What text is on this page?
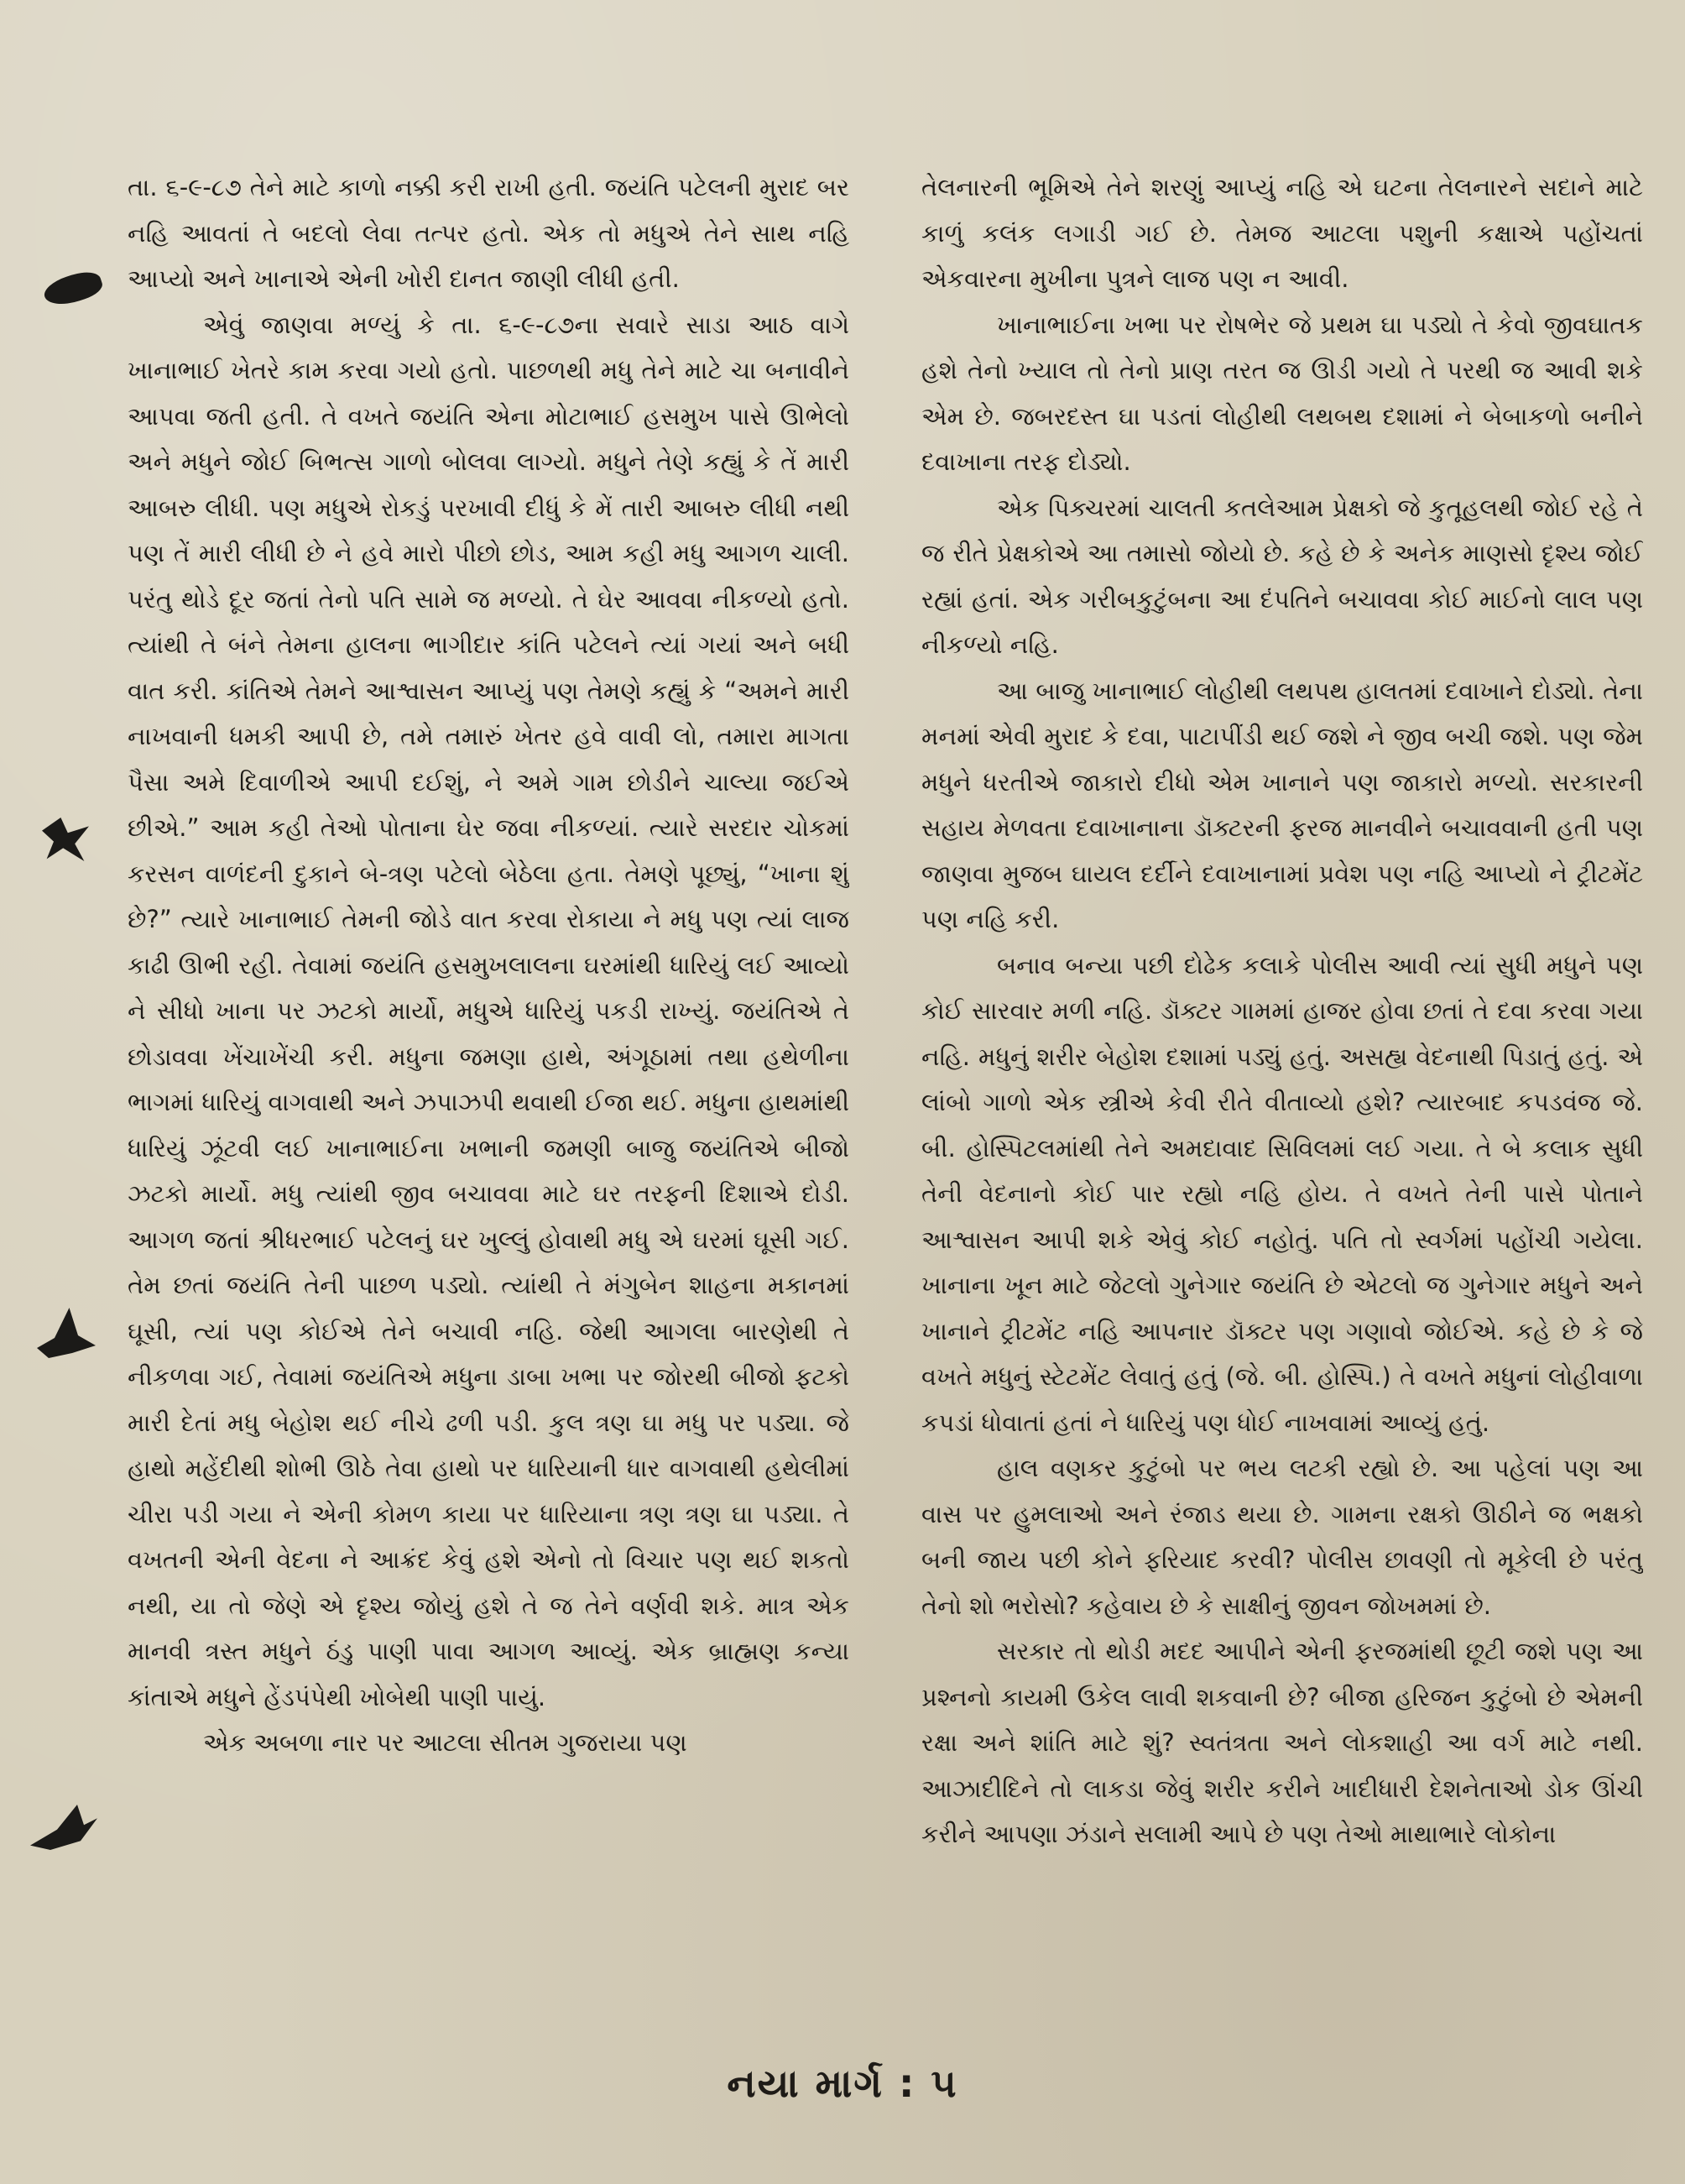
તા. ૬-૯-૮૭ તેને માટે કાળો નક્કી કરી રાખી હતી. જયંતિ પટેલની મુરાદ બર નહિ આવતાં તે બદલો લેવા તત્પર હતો. એક તો મધુએ તેને સાથ નહિ આપ્યો અને ખાનાએ એની ખોરી દાનત જાણી લીધી હતી.

એવું જાણવા મળ્યું કે તા. ૬-૯-૮૭ના સવારે સાડા આઠ વાગે ખાનાભાઈ ખેતરે કામ કરવા ગયો હતો. પાછળથી મધુ તેને માટે ચા બનાવીને આપવા જતી હતી. તે વખતે જયંતિ એના મોટાભાઈ હસમુખ પાસે ઊભેલો અને મધુને જોઈ બિભત્સ ગાળો બોલવા લાગ્યો. મધુને તેણે કહ્યું કે તેં મારી આબરુ લીધી. પણ મધુએ રોકડું પરખાવી દીધું કે મેં તારી આબરુ લીધી નથી પણ તેં મારી લીધી છે ને હવે મારો પીછો છોડ, આમ કહી મધુ આગળ ચાલી. પરંતુ થોડે દૂર જતાં તેનો પતિ સામે જ મળ્યો. તે ઘેર આવવા નીકળ્યો હતો. ત્યાંથી તે બંને તેમના હાલના ભાગીદાર કાંતિ પટેલને ત્યાં ગયાં અને બધી વાત કરી. કાંતિએ તેમને આશ્વાસન આપ્યું પણ તેમણે કહ્યું કે “અમને મારી નાખવાની ધમકી આપી છે, તમે તમારું ખેતર હવે વાવી લો, તમારા માગતા પૈસા અમે દિવાળીએ આપી દઈશું, ને અમે ગામ છોડીને ચાલ્યા જઈએ છીએ.” આમ કહી તેઓ પોતાના ઘેર જવા નીકળ્યાં. ત્યારે સરદાર ચોકમાં કરસન વાળંદની દુકાને બે-ત્રણ પટેલો બેઠેલા હતા. તેમણે પૂછ્યું, “ખાના શું છે?” ત્યારે ખાનાભાઈ તેમની જોડે વાત કરવા રોકાયા ને મધુ પણ ત્યાં લાજ કાઢી ઊભી રહી. તેવામાં જયંતિ હસમુખલાલના ઘરમાંથી ધારિયું લઈ આવ્યો ને સીધો ખાના પર ઝટકો માર્યો, મધુએ ધારિયું પકડી રાખ્યું. જયંતિએ તે છોડાવવા ખેંચાખેંચી કરી. મધુના જમણા હાથે, અંગૂઠામાં તથા હથેળીના ભાગમાં ધારિયું વાગવાથી અને ઝપાઝપી થવાથી ઈજા થઈ. મધુના હાથમાંથી ધારિયું ઝૂંટવી લઈ ખાનાભાઈના ખભાની જમણી બાજુ જયંતિએ બીજો ઝટકો માર્યો. મધુ ત્યાંથી જીવ બચાવવા માટે ઘર તરફની દિશાએ દોડી. આગળ જતાં શ્રીધરભાઈ પટેલનું ઘર ખુલ્લું હોવાથી મધુ એ ઘરમાં ઘૂસી ગઈ. તેમ છતાં જયંતિ તેની પાછળ પડ્યો. ત્યાંથી તે મંગુબેન શાહના મકાનમાં ઘૂસી, ત્યાં પણ કોઈએ તેને બચાવી નહિ. જેથી આગલા બારણેથી તે નીકળવા ગઈ, તેવામાં જયંતિએ મધુના ડાબા ખભા પર જોરથી બીજો ફટકો મારી દેતાં મધુ બેહોશ થઈ નીચે ઢળી પડી. કુલ ત્રણ ઘા મધુ પર પડ્યા. જે હાથો મહેંદીથી શોભી ઊઠે તેવા હાથો પર ધારિયાની ધાર વાગવાથી હથેલીમાં ચીરા પડી ગયા ને એની કોમળ કાયા પર ધારિયાના ત્રણ ત્રણ ઘા પડ્યા. તે વખતની એની વેદના ને આક્રંદ કેવું હશે એનો તો વિચાર પણ થઈ શકતો નથી, યા તો જેણે એ દૃશ્ય જોયું હશે તે જ તેને વર્ણવી શકે. માત્ર એક માનવી ત્રસ્ત મધુને ઠંડુ પાણી પાવા આગળ આવ્યું. એક બ્રાહ્મણ કન્યા કાંતાએ મધુને હેંડપંપેથી ખોબેથી પાણી પાયું.

એક અબળા નાર પર આટલા સીતમ ગુજરાયા પણ

તેલનારની ભૂમિએ તેને શરણું આપ્યું નહિ એ ઘટના તેલનારને સદાને માટે કાળું કલંક લગાડી ગઈ છે. તેમજ આટલા પશુની કક્ષાએ પહોંચતાં એકવારના મુખીના પુત્રને લાજ પણ ન આવી.

ખાનાભાઈના ખભા પર રોષભેર જે પ્રથમ ઘા પડ્યો તે કેવો જીવઘાતક હશે તેનો ખ્યાલ તો તેનો પ્રાણ તરત જ ઊડી ગયો તે પરથી જ આવી શકે એમ છે. જબરદસ્ત ઘા પડતાં લોહીથી લથબથ દશામાં ને બેબાકળો બનીને દવાખાના તરફ દોડ્યો.

એક પિક્ચરમાં ચાલતી કતલેઆમ પ્રેક્ષકો જે કુતૂહલથી જોઈ રહે તે જ રીતે પ્રેક્ષકોએ આ તમાસો જોયો છે. કહે છે કે અનેક માણસો દૃશ્ય જોઈ રહ્યાં હતાં. એક ગરીબકુટુંબના આ દંપતિને બચાવવા કોઈ માઈનો લાલ પણ નીકળ્યો નહિ.

આ બાજુ ખાનાભાઈ લોહીથી લથપથ હાલતમાં દવાખાને દોડ્યો. તેના મનમાં એવી મુરાદ કે દવા, પાટાપીંડી થઈ જશે ને જીવ બચી જશે. પણ જેમ મધુને ધરતીએ જાકારો દીધો એમ ખાનાને પણ જાકારો મળ્યો. સરકારની સહાય મેળવતા દવાખાનાના ડૉક્ટરની ફરજ માનવીને બચાવવાની હતી પણ જાણવા મુજબ ઘાયલ દર્દીને દવાખાનામાં પ્રવેશ પણ નહિ આપ્યો ને ટ્રીટમેંટ પણ નહિ કરી.

બનાવ બન્યા પછી દોઢેક કલાકે પોલીસ આવી ત્યાં સુધી મધુને પણ કોઈ સારવાર મળી નહિ. ડૉક્ટર ગામમાં હાજર હોવા છતાં તે દવા કરવા ગયા નહિ. મધુનું શરીર બેહોશ દશામાં પડ્યું હતું. અસહ્ય વેદનાથી પિડાતું હતું. એ લાંબો ગાળો એક સ્ત્રીએ કેવી રીતે વીતાવ્યો હશે? ત્યારબાદ કપડવંજ જે. બી. હોસ્પિટલમાંથી તેને અમદાવાદ સિવિલમાં લઈ ગયા. તે બે કલાક સુધી તેની વેદનાનો કોઈ પાર રહ્યો નહિ હોય. તે વખતે તેની પાસે પોતાને આશ્વાસન આપી શકે એવું કોઈ નહોતું. પતિ તો સ્વર્ગમાં પહોંચી ગયેલા. ખાનાના ખૂન માટે જેટલો ગુનેગાર જયંતિ છે એટલો જ ગુનેગાર મધુને અને ખાનાને ટ્રીટમેંટ નહિ આપનાર ડૉક્ટર પણ ગણાવો જોઈએ. કહે છે કે જે વખતે મધુનું સ્ટેટમેંટ લેવાતું હતું (જે. બી. હોસ્પિ.) તે વખતે મધુનાં લોહીવાળા કપડાં ધોવાતાં હતાં ને ધારિયું પણ ધોઈ નાખવામાં આવ્યું હતું.

હાલ વણકર કુટુંબો પર ભય લટકી રહ્યો છે. આ પહેલાં પણ આ વાસ પર હુમલાઓ અને રંજાડ થયા છે. ગામના રક્ષકો ઊઠીને જ ભક્ષકો બની જાય પછી કોને ફરિયાદ કરવી? પોલીસ છાવણી તો મૂકેલી છે પરંતુ તેનો શો ભરોસો? કહેવાય છે કે સાક્ષીનું જીવન જોખમમાં છે.

સરકાર તો થોડી મદદ આપીને એની ફરજમાંથી છૂટી જશે પણ આ પ્રશ્નનો કાયમી ઉકેલ લાવી શકવાની છે? બીજા હરિજન કુટુંબો છે એમની રક્ષા અને શાંતિ માટે શું? સ્વતંત્રતા અને લોકશાહી આ વર્ગ માટે નથી. આઝાદીદિને તો લાકડા જેવું શરીર કરીને ખાદીધારી દેશનેતાઓ ડોક ઊંચી કરીને આપણા ઝંડાને સલામી આપે છે પણ તેઓ માથાભારે લોકોના

નયા માર્ગ : ૫
